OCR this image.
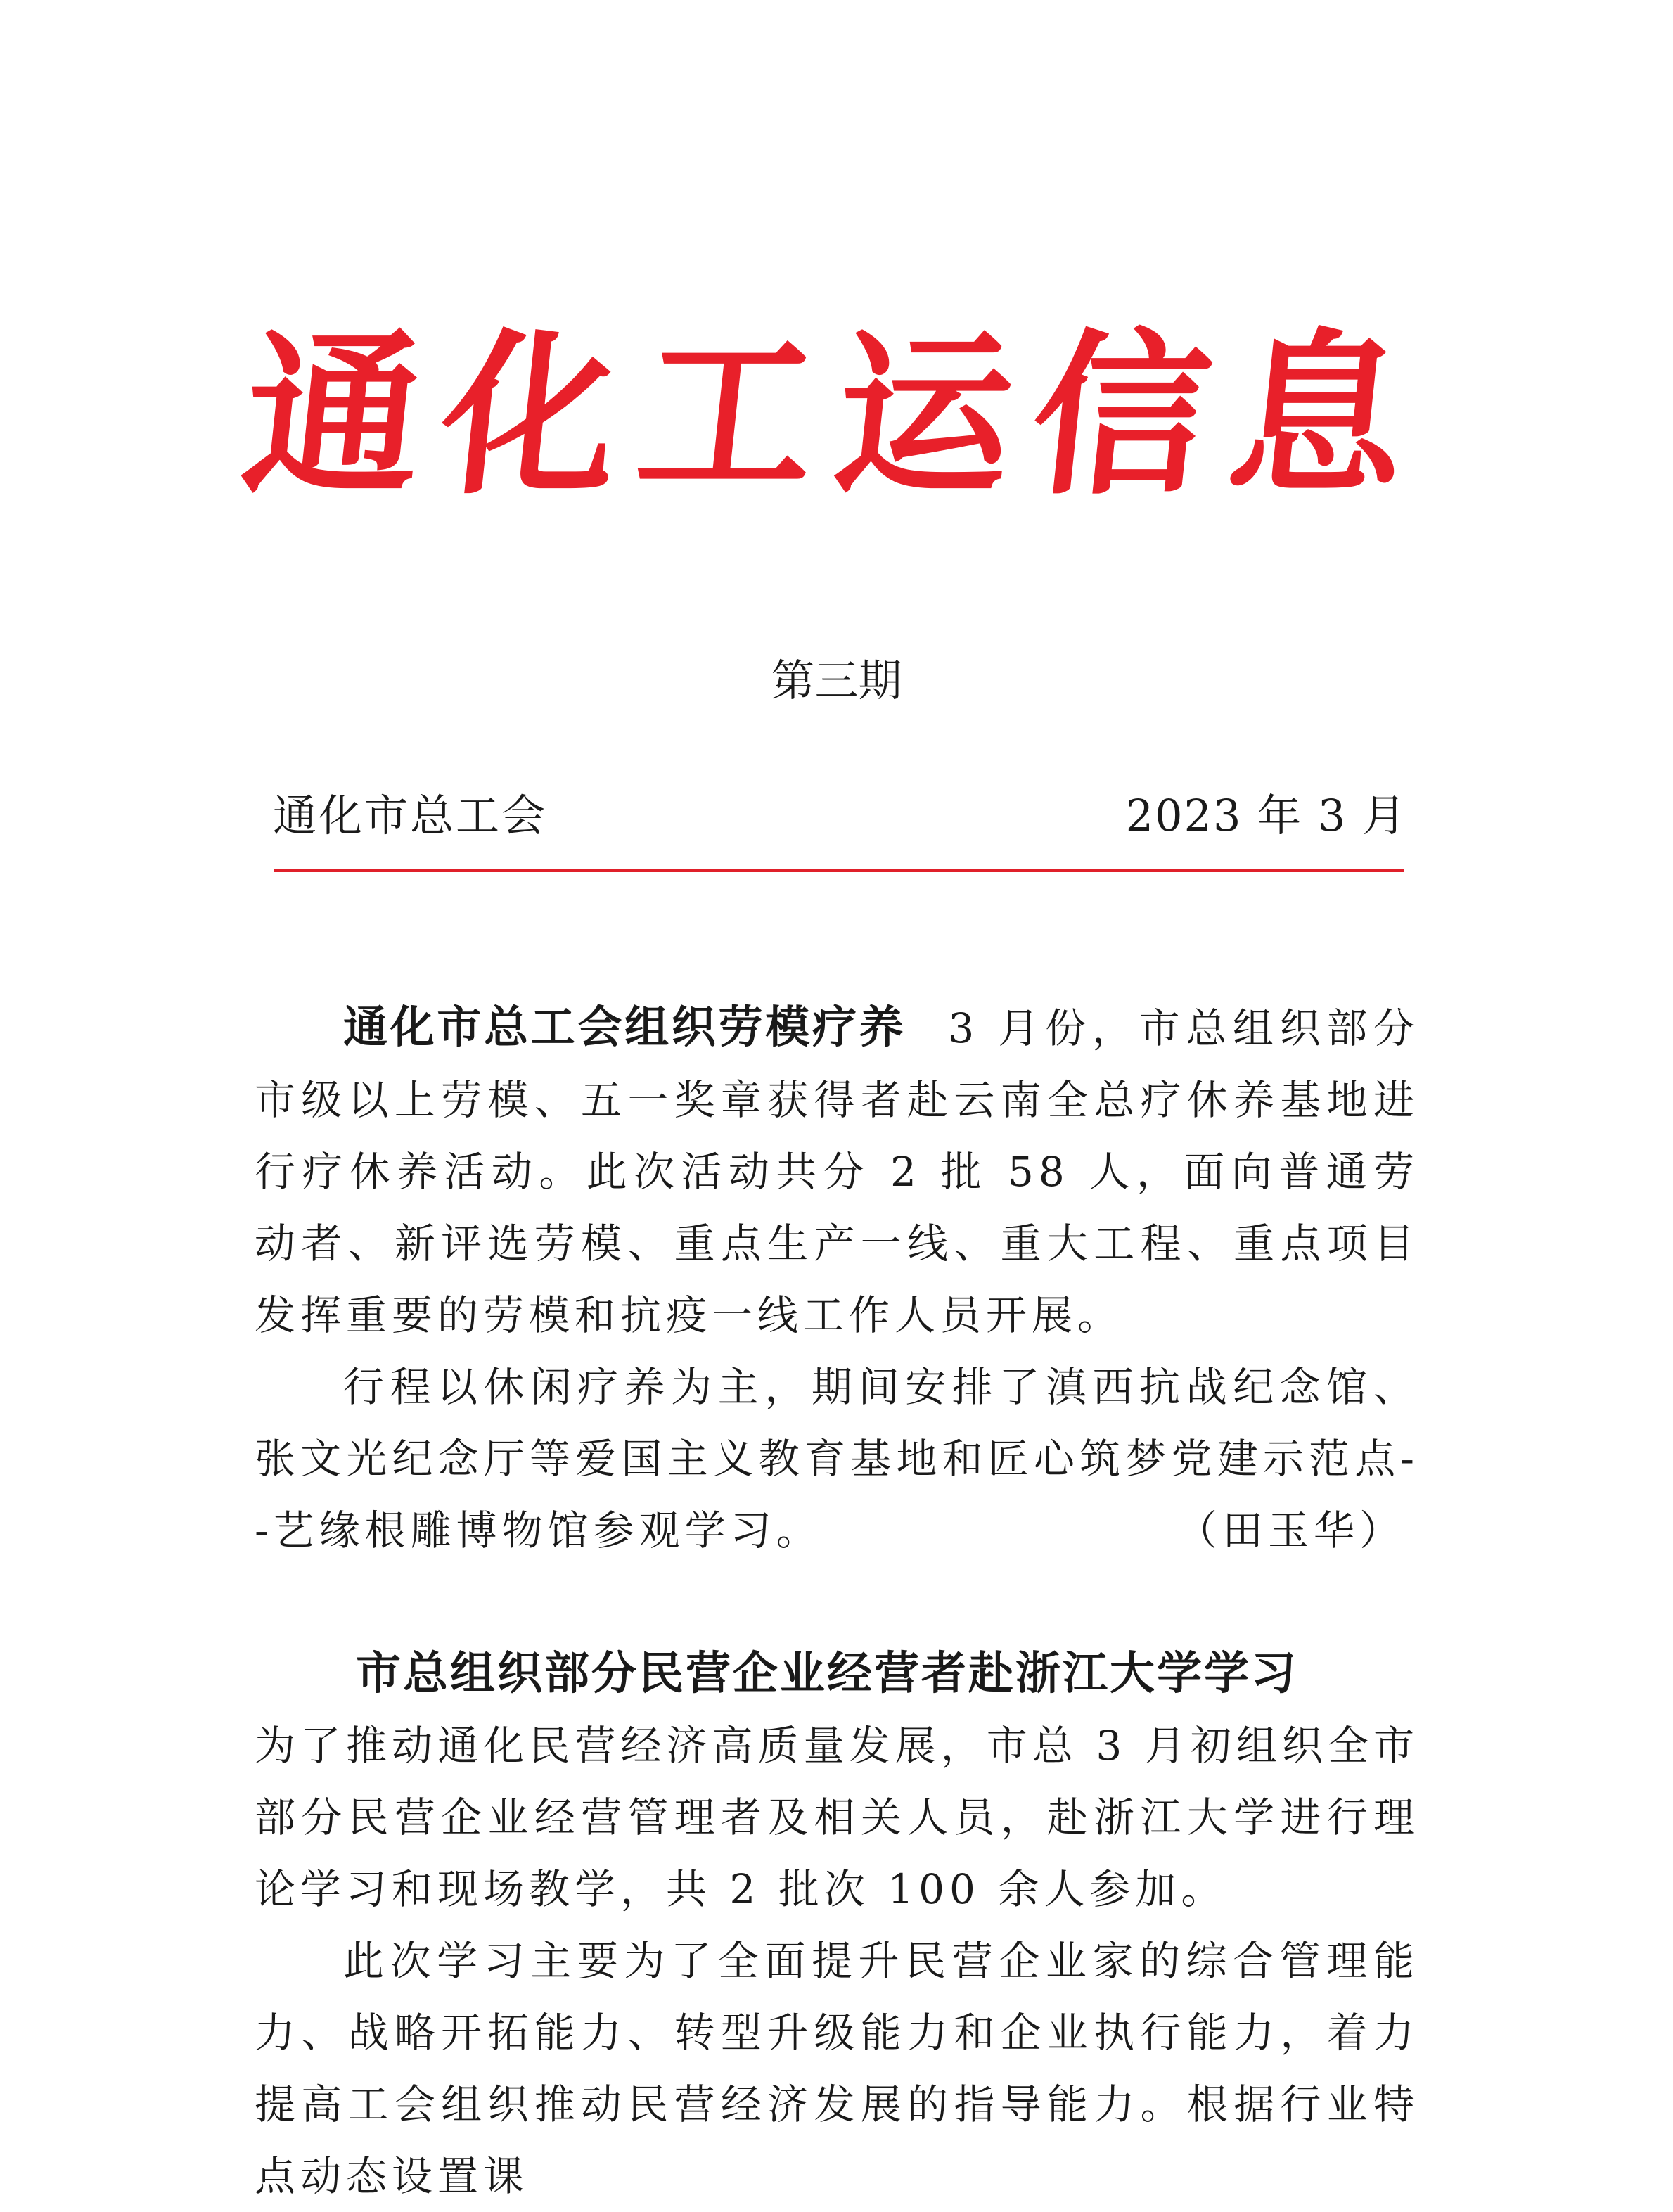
通化工运信息
第三期
通化市总工会	2023 年 3 月

通化市总工会组织劳模疗养 3 月份，市总组织部分市级以上劳模、五一奖章获得者赴云南全总疗休养基地进行疗休养活动。此次活动共分 2 批 58 人，面向普通劳动者、新评选劳模、重点生产一线、重大工程、重点项目发挥重要的劳模和抗疫一线工作人员开展。

行程以休闲疗养为主，期间安排了滇西抗战纪念馆、张文光纪念厅等爱国主义教育基地和匠心筑梦党建示范点--艺缘根雕博物馆参观学习。	（田玉华）

市总组织部分民营企业经营者赴浙江大学学习

为了推动通化民营经济高质量发展，市总 3 月初组织全市部分民营企业经营管理者及相关人员，赴浙江大学进行理论学习和现场教学，共 2 批次 100 余人参加。

此次学习主要为了全面提升民营企业家的综合管理能力、战略开拓能力、转型升级能力和企业执行能力，着力提高工会组织推动民营经济发展的指导能力。根据行业特点动态设置课
